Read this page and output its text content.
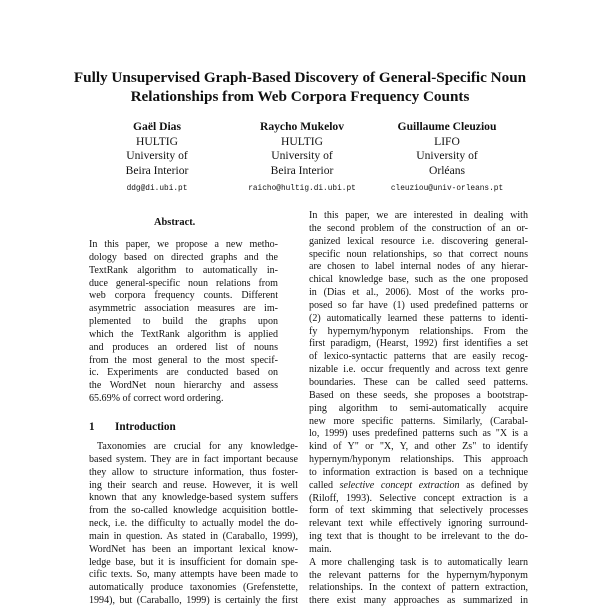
Fully Unsupervised Graph-Based Discovery of General-Specific Noun
Relationships from Web Corpora Frequency Counts
Gaël Dias
HULTIG
University of
Beira Interior
ddg@di.ubi.pt
Raycho Mukelov
HULTIG
University of
Beira Interior
raicho@hultig.di.ubi.pt
Guillaume Cleuziou
LIFO
University of
Orléans
cleuziou@univ-orleans.pt
Abstract.
In this paper, we propose a new metho-
dology based on directed graphs and the
TextRank algorithm to automatically in-
duce general-specific noun relations from
web corpora frequency counts. Different
asymmetric association measures are im-
plemented to build the graphs upon
which the TextRank algorithm is applied
and produces an ordered list of nouns
from the most general to the most specif-
ic. Experiments are conducted based on
the WordNet noun hierarchy and assess
65.69% of correct word ordering.
1 Introduction
Taxonomies are crucial for any knowledge-
based system. They are in fact important because
they allow to structure information, thus foster-
ing their search and reuse. However, it is well
known that any knowledge-based system suffers
from the so-called knowledge acquisition bottle-
neck, i.e. the difficulty to actually model the do-
main in question. As stated in (Caraballo, 1999),
WordNet has been an important lexical know-
ledge base, but it is insufficient for domain spe-
cific texts. So, many attempts have been made to
automatically produce taxonomies (Grefenstette,
1994), but (Caraballo, 1999) is certainly the first
In this paper, we are interested in dealing with
the second problem of the construction of an or-
ganized lexical resource i.e. discovering general-
specific noun relationships, so that correct nouns
are chosen to label internal nodes of any hierar-
chical knowledge base, such as the one proposed
in (Dias et al., 2006). Most of the works pro-
posed so far have (1) used predefined patterns or
(2) automatically learned these patterns to identi-
fy hypernym/hyponym relationships. From the
first paradigm, (Hearst, 1992) first identifies a set
of lexico-syntactic patterns that are easily recog-
nizable i.e. occur frequently and across text genre
boundaries. These can be called seed patterns.
Based on these seeds, she proposes a bootstrap-
ping algorithm to semi-automatically acquire
new more specific patterns. Similarly, (Carabal-
lo, 1999) uses predefined patterns such as "X is a
kind of Y" or "X, Y, and other Zs" to identify
hypernym/hyponym relationships. This approach
to information extraction is based on a technique
called selective concept extraction as defined by
(Riloff, 1993). Selective concept extraction is a
form of text skimming that selectively processes
relevant text while effectively ignoring surround-
ing text that is thought to be irrelevant to the do-
main.
A more challenging task is to automatically learn
the relevant patterns for the hypernym/hyponym
relationships. In the context of pattern extraction,
there exist many approaches as summarized in
